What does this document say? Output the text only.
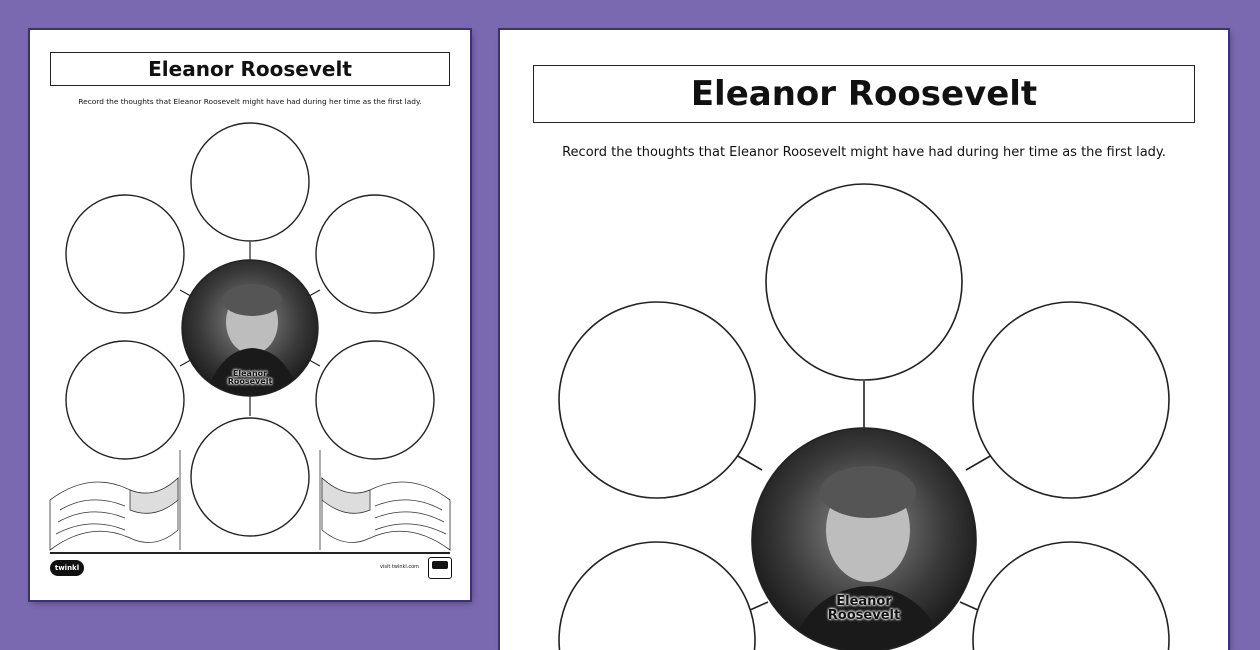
Eleanor Roosevelt
Record the thoughts that Eleanor Roosevelt might have had during her time as the first lady.
Eleanor
Roosevelt
twinkl	visit twinkl.com
Eleanor Roosevelt
Record the thoughts that Eleanor Roosevelt might have had during her time as the first lady.
Eleanor
Roosevelt
